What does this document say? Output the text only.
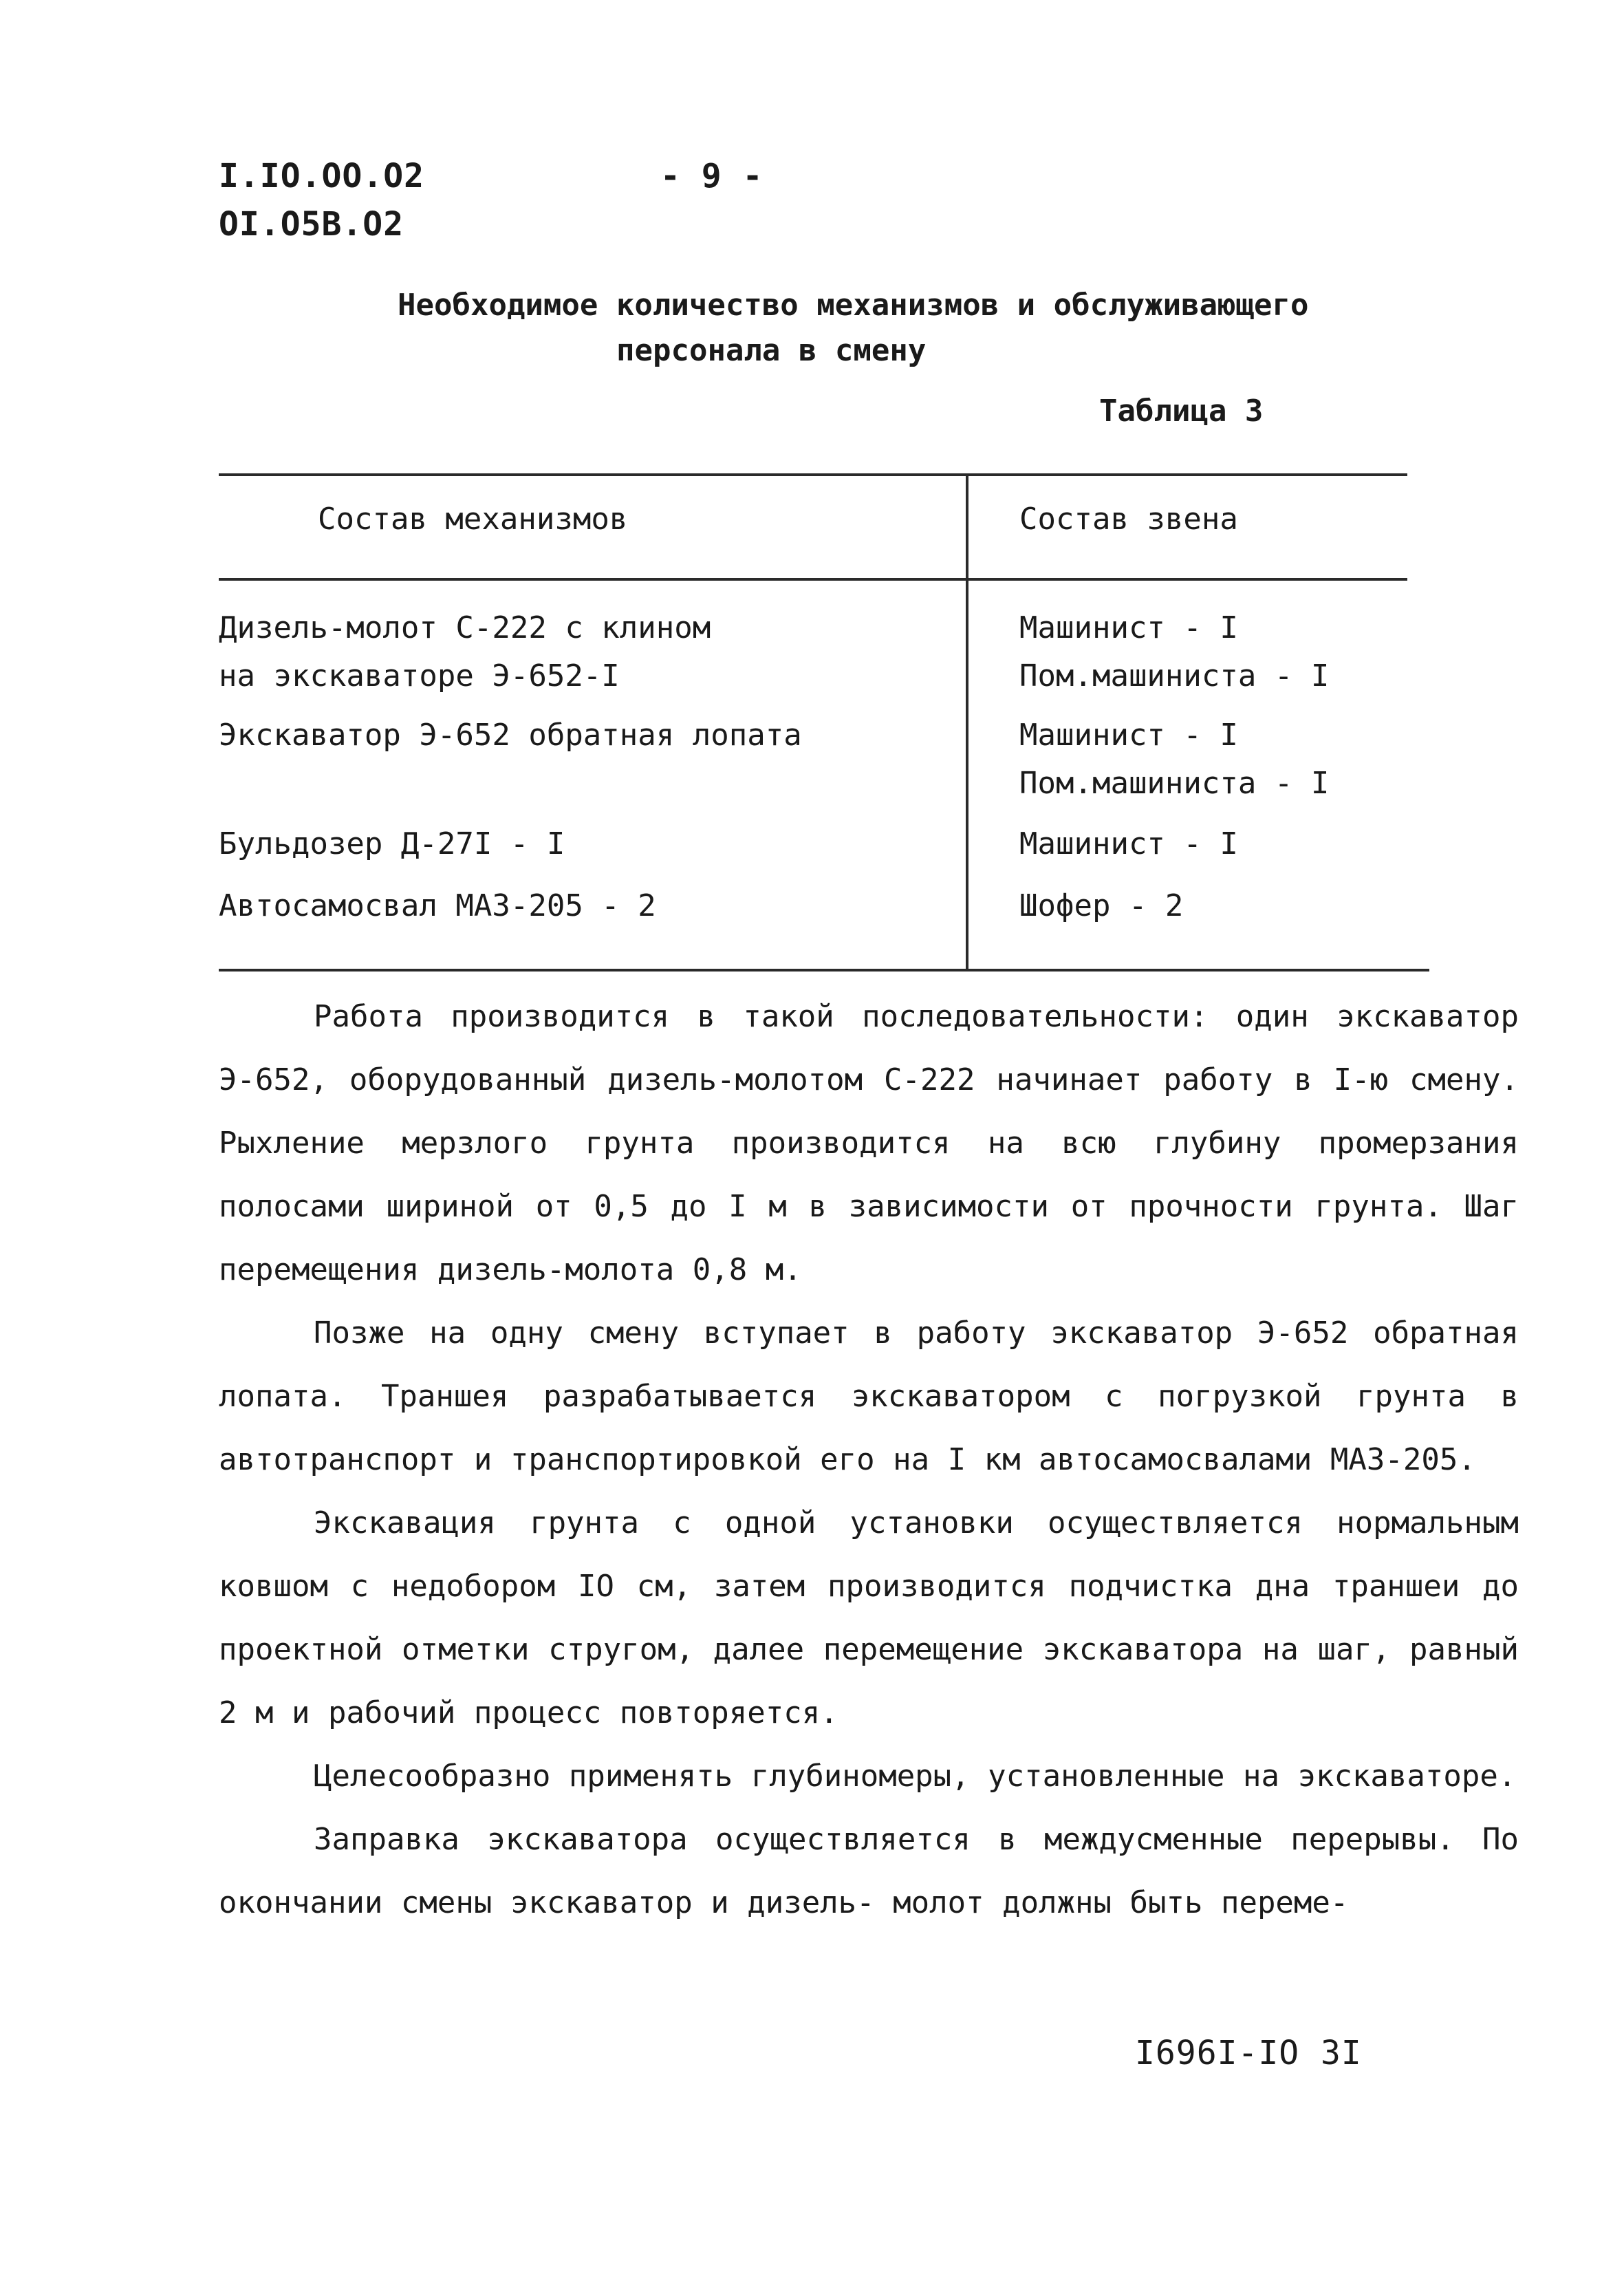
I.IO.OO.O2
OI.O5B.O2
- 9 -
Необходимое количество механизмов и обслуживающего
персонала в смену
Таблица 3
Состав механизмов	Состав звена
Дизель-молот С-222 с клином
на экскаваторе Э-652-I
Экскаватор Э-652 обратная лопата
Бульдозер Д-27I - I
Автосамосвал МАЗ-205 - 2
Машинист - I
Пом.машиниста - I
Машинист - I
Пом.машиниста - I
Машинист - I
Шофер - 2

Работа производится в такой последовательности: один экскаватор Э-652, оборудованный дизель-молотом С-222 начинает работу в I-ю смену. Рыхление мерзлого грунта производится на всю глубину промерзания полосами шириной от 0,5 до I м в зависимости от прочности грунта. Шаг перемещения дизель-молота 0,8 м.

Позже на одну смену вступает в работу экскаватор Э-652 обратная лопата. Траншея разрабатывается экскаватором с погрузкой грунта в автотранспорт и транспортировкой его на I км автосамосвалами МАЗ-205.

Экскавация грунта с одной установки осуществляется нормальным ковшом с недобором IO см, затем производится подчистка дна траншеи до проектной отметки стругом, далее перемещение экскаватора на шаг, равный 2 м и рабочий процесс повторяется.

Целесообразно применять глубиномеры, установленные на экскаваторе.

Заправка экскаватора осуществляется в междусменные перерывы. По окончании смены экскаватор и дизель- молот должны быть переме-

I696I-IO 3I
